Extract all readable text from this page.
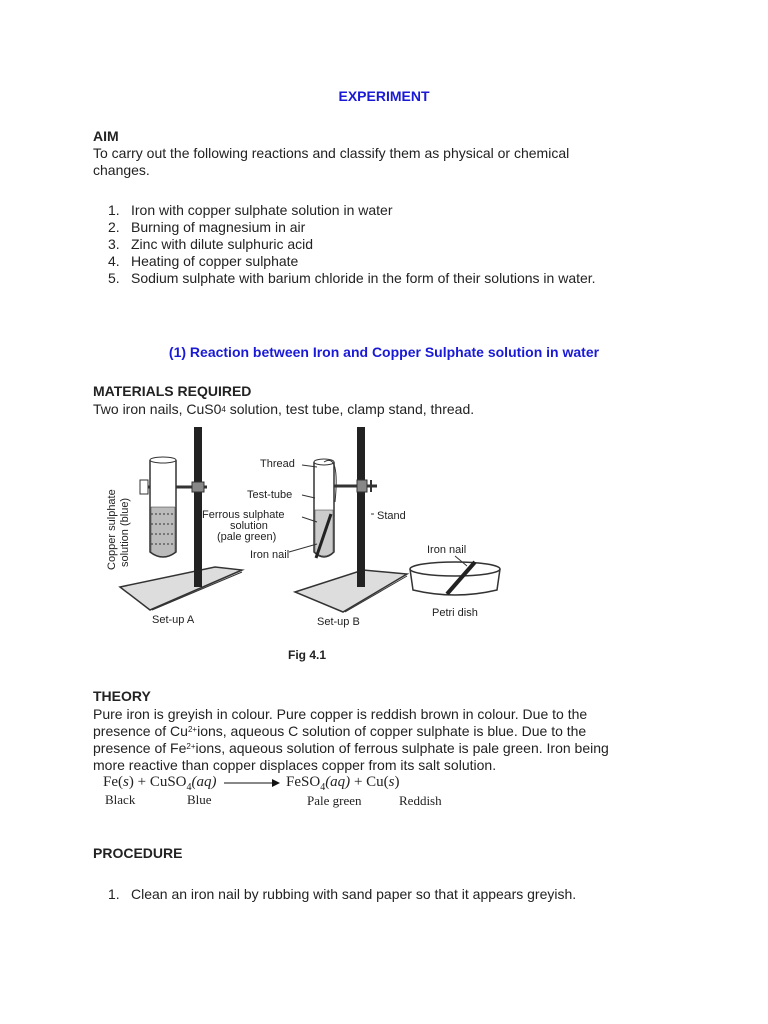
EXPERIMENT
AIM
To carry out the following reactions and classify them as physical or chemical
changes.
1. Iron with copper sulphate solution in water
2. Burning of magnesium in air
3. Zinc with dilute sulphuric acid
4. Heating of copper sulphate
5. Sodium sulphate with barium chloride in the form of their solutions in water.
(1) Reaction between Iron and Copper Sulphate solution in water
MATERIALS REQUIRED
Two iron nails, CuS04 solution, test tube, clamp stand, thread.
Copper sulphate solution (blue)
Set-up A
Thread
Test-tube
Ferrous sulphate
solution
(pale green)
Iron nail
Stand
Set-up B
Iron nail
Petri dish
Fig 4.1
THEORY
Pure iron is greyish in colour. Pure copper is reddish brown in colour. Due to the
presence of $Cu^{2+}ions$, aqueous C solution of copper sulphate is blue. Due to the
presence of $Fe^{2+}ions$, aqueous solution of ferrous sulphate is pale green. Iron being
more reactive than copper displaces copper from its salt solution.
Fe(s) + CuSO$_4$(aq)	FeSO$_4$(aq) + Cu(s)
Black	Blue	Pale green	Reddish
PROCEDURE
1. Clean an iron nail by rubbing with sand paper so that it appears greyish.
